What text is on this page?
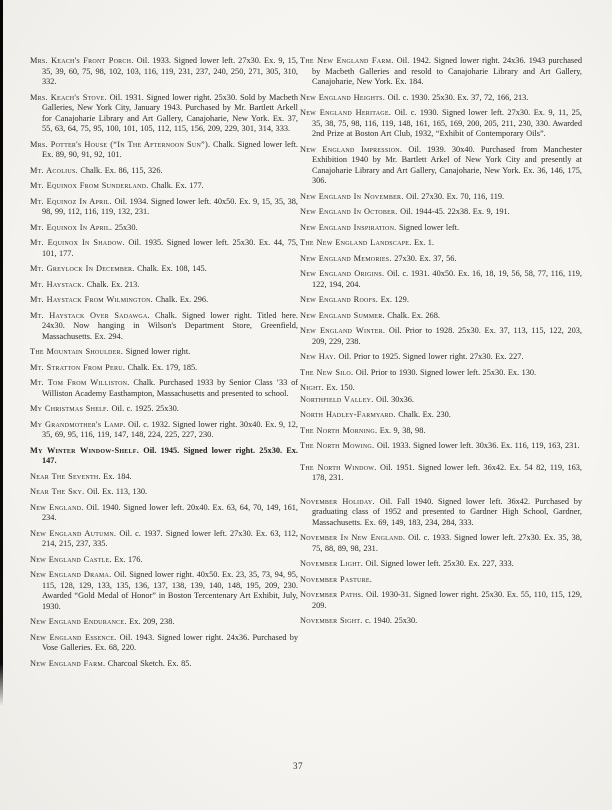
Mrs. Keach's Front Porch. Oil. 1933. Signed lower left. 27x30. Ex. 9, 15, 35, 39, 60, 75, 98, 102, 103, 116, 119, 231, 237, 240, 250, 271, 305, 310, 332.
Mrs. Keach's Stove. Oil. 1931. Signed lower right. 25x30. Sold by Macbeth Galleries, New York City, January 1943. Purchased by Mr. Bartlett Arkell for Canajoharie Library and Art Gallery, Canajoharie, New York. Ex. 37, 55, 63, 64, 75, 95, 100, 101, 105, 112, 115, 156, 209, 229, 301, 314, 333.
Mrs. Potter's House (“In The Afternoon Sun”). Chalk. Signed lower left. Ex. 89, 90, 91, 92, 101.
Mt. Acolius. Chalk. Ex. 86, 115, 326.
Mt. Equinox From Sunderland. Chalk. Ex. 177.
Mt. Equinoz In April. Oil. 1934. Signed lower left. 40x50. Ex. 9, 15, 35, 38, 98, 99, 112, 116, 119, 132, 231.
Mt. Equinox In April. 25x30.
Mt. Equinox In Shadow. Oil. 1935. Signed lower left. 25x30. Ex. 44, 75, 101, 177.
Mt. Greylock In December. Chalk. Ex. 108, 145.
Mt. Haystack. Chalk. Ex. 213.
Mt. Haystack From Wilmington. Chalk. Ex. 296.
Mt. Haystack Over Sadawga. Chalk. Signed lower right. Titled here. 24x30. Now hanging in Wilson's Department Store, Greenfield, Massachusetts. Ex. 294.
The Mountain Shoulder. Signed lower right.
Mt. Stratton From Peru. Chalk. Ex. 179, 185.
Mt. Tom From Williston. Chalk. Purchased 1933 by Senior Class ’33 of Williston Academy Easthampton, Massachusetts and presented to school.
My Christmas Shelf. Oil. c. 1925. 25x30.
My Grandmother's Lamp. Oil. c. 1932. Signed lower right. 30x40. Ex. 9, 12, 35, 69, 95, 116, 119, 147, 148, 224, 225, 227, 230.
My Winter Window-Shelf. Oil. 1945. Signed lower right. 25x30. Ex. 147.
Near The Seventh. Ex. 184.
Near The Sky. Oil. Ex. 113, 130.
New England. Oil. 1940. Signed lower left. 20x40. Ex. 63, 64, 70, 149, 161, 234.
New England Autumn. Oil. c. 1937. Signed lower left. 27x30. Ex. 63, 112, 214, 215, 237, 335.
New England Castle. Ex. 176.
New England Drama. Oil. Signed lower right. 40x50. Ex. 23, 35, 73, 94, 95, 115, 128, 129, 133, 135, 136, 137, 138, 139, 140, 148, 195, 209, 230. Awarded “Gold Medal of Honor” in Boston Tercentenary Art Exhibit, July, 1930.
New England Endurance. Ex. 209, 238.
New England Essence. Oil. 1943. Signed lower right. 24x36. Purchased by Vose Galleries. Ex. 68, 220.
New England Farm. Charcoal Sketch. Ex. 85.
The New England Farm. Oil. 1942. Signed lower right. 24x36. 1943 purchased by Macbeth Galleries and resold to Canajoharie Library and Art Gallery, Canajoharie, New York. Ex. 184.
New England Heights. Oil. c. 1930. 25x30. Ex. 37, 72, 166, 213.
New England Heritage. Oil. c. 1930. Signed lower left. 27x30. Ex. 9, 11, 25, 35, 38, 75, 98, 116, 119, 148, 161, 165, 169, 200, 205, 211, 230, 330. Awarded 2nd Prize at Boston Art Club, 1932, “Exhibit of Contemporary Oils”.
New England Impression. Oil. 1939. 30x40. Purchased from Manchester Exhibition 1940 by Mr. Bartlett Arkel of New York City and presently at Canajoharie Library and Art Gallery, Canajoharie, New York. Ex. 36, 146, 175, 306.
New England In November. Oil. 27x30. Ex. 70, 116, 119.
New England In October. Oil. 1944-45. 22x38. Ex. 9, 191.
New England Inspiration. Signed lower left.
The New England Landscape. Ex. 1.
New England Memories. 27x30. Ex. 37, 56.
New England Origins. Oil. c. 1931. 40x50. Ex. 16, 18, 19, 56, 58, 77, 116, 119, 122, 194, 204.
New England Roofs. Ex. 129.
New England Summer. Chalk. Ex. 268.
New England Winter. Oil. Prior to 1928. 25x30. Ex. 37, 113, 115, 122, 203, 209, 229, 238.
New Hay. Oil. Prior to 1925. Signed lower right. 27x30. Ex. 227.
The New Silo. Oil. Prior to 1930. Signed lower left. 25x30. Ex. 130.
Night. Ex. 150.
Northfield Valley. Oil. 30x36.
North Hadley-Farmyard. Chalk. Ex. 230.
The North Morning. Ex. 9, 38, 98.
The North Mowing. Oil. 1933. Signed lower left. 30x36. Ex. 116, 119, 163, 231.
The North Window. Oil. 1951. Signed lower left. 36x42. Ex. 54 82, 119, 163, 178, 231.
November Holiday. Oil. Fall 1940. Signed lower left. 36x42. Purchased by graduating class of 1952 and presented to Gardner High School, Gardner, Massachusetts. Ex. 69, 149, 183, 234, 284, 333.
November In New England. Oil. c. 1933. Signed lower left. 27x30. Ex. 35, 38, 75, 88, 89, 98, 231.
November Light. Oil. Signed lower left. 25x30. Ex. 227, 333.
November Pasture.
November Paths. Oil. 1930-31. Signed lower right. 25x30. Ex. 55, 110, 115, 129, 209.
November Sight. c. 1940. 25x30.
37
